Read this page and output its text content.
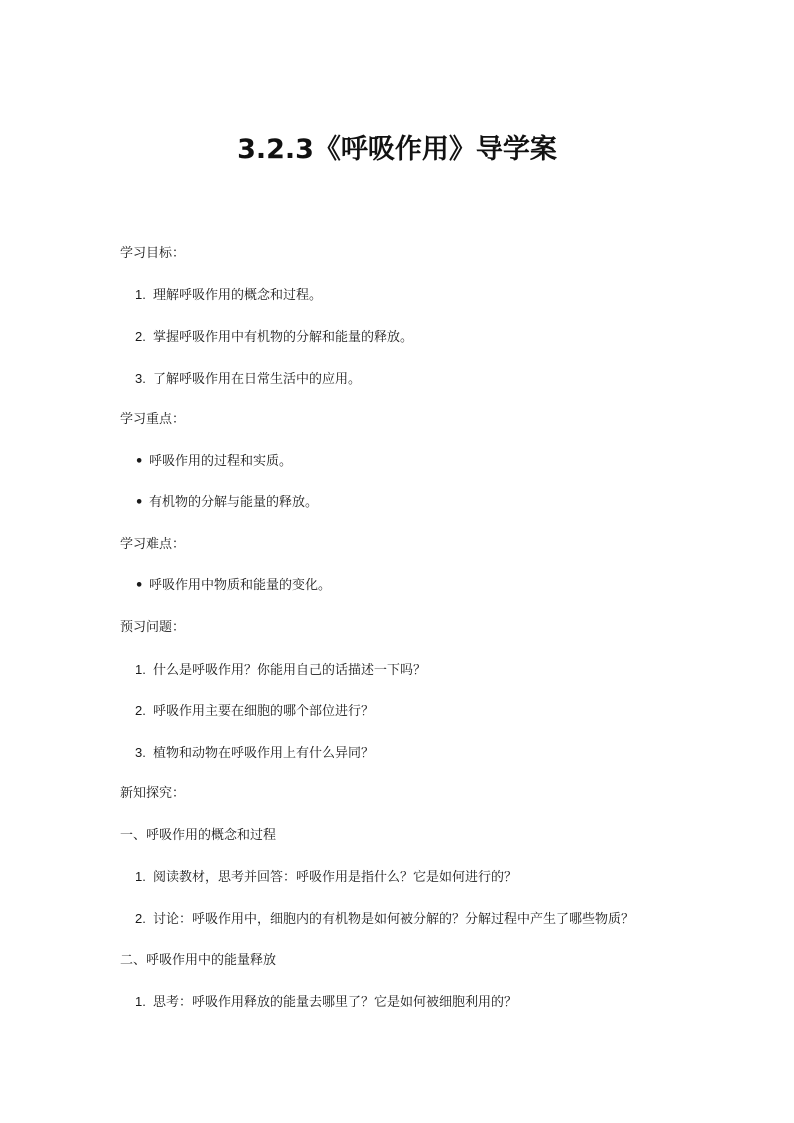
3.2.3《呼吸作用》导学案
学习目标：
1. 理解呼吸作用的概念和过程。
2. 掌握呼吸作用中有机物的分解和能量的释放。
3. 了解呼吸作用在日常生活中的应用。
学习重点：
• 呼吸作用的过程和实质。
• 有机物的分解与能量的释放。
学习难点：
• 呼吸作用中物质和能量的变化。
预习问题：
1. 什么是呼吸作用？你能用自己的话描述一下吗？
2. 呼吸作用主要在细胞的哪个部位进行？
3. 植物和动物在呼吸作用上有什么异同？
新知探究：
一、呼吸作用的概念和过程
1. 阅读教材，思考并回答：呼吸作用是指什么？它是如何进行的？
2. 讨论：呼吸作用中，细胞内的有机物是如何被分解的？分解过程中产生了哪些物质？
二、呼吸作用中的能量释放
1. 思考：呼吸作用释放的能量去哪里了？它是如何被细胞利用的？
